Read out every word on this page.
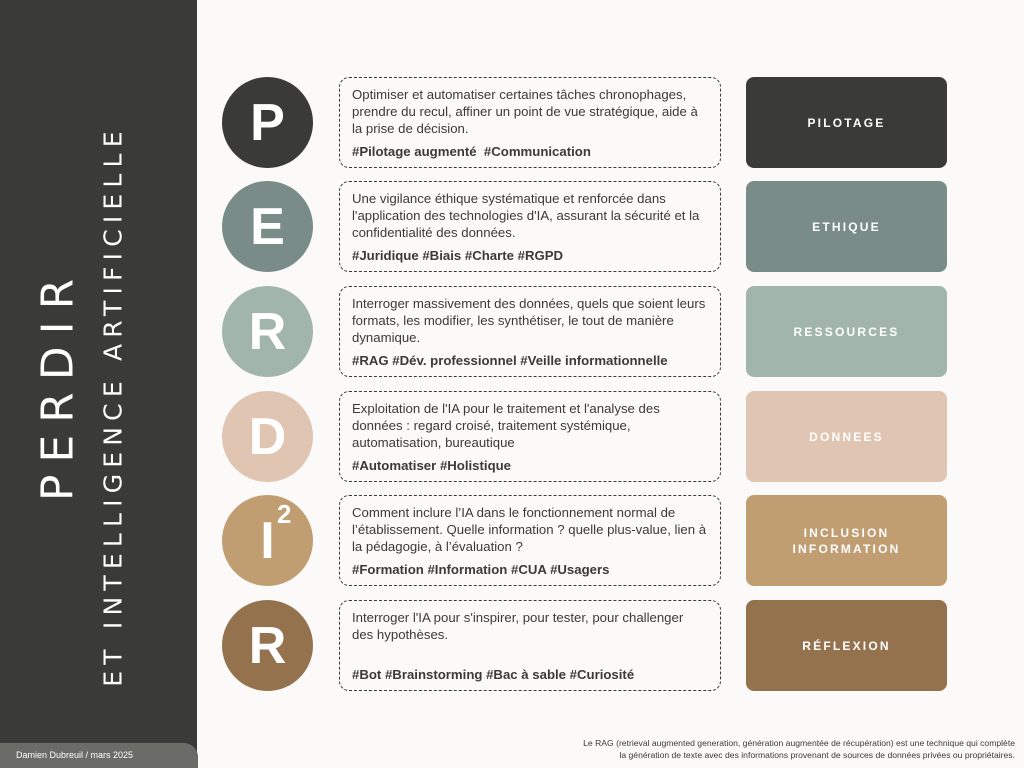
PERDIR ET INTELLIGENCE ARTIFICIELLE
Damien Dubreuil / mars 2025
P	Optimiser et automatiser certaines tâches chronophages, prendre du recul, affiner un point de vue stratégique, aide à la prise de décision.
#Pilotage augmenté  #Communication
PILOTAGE
E	Une vigilance éthique systématique et renforcée dans l'application des technologies d'IA, assurant la sécurité et la confidentialité des données.
#Juridique #Biais #Charte #RGPD
ETHIQUE
R	Interroger massivement des données, quels que soient leurs formats, les modifier, les synthétiser, le tout de manière dynamique.
#RAG #Dév. professionnel #Veille informationnelle
RESSOURCES
D	Exploitation de l'IA pour le traitement et l'analyse des données : regard croisé, traitement systémique, automatisation, bureautique
#Automatiser #Holistique
DONNEES
I 2	Comment inclure l’IA dans le fonctionnement normal de l’établissement. Quelle information ? quelle plus-value, lien à la pédagogie, à l’évaluation ?
#Formation #Information #CUA #Usagers
INCLUSION
INFORMATION
R	Interroger l'IA pour s'inspirer, pour tester, pour challenger des hypothèses.
#Bot #Brainstorming #Bac à sable #Curiosité
RÉFLEXION
Le RAG (retrieval augmented generation, génération augmentée de récupération) est une technique qui complète
la génération de texte avec des informations provenant de sources de données privées ou propriétaires.
